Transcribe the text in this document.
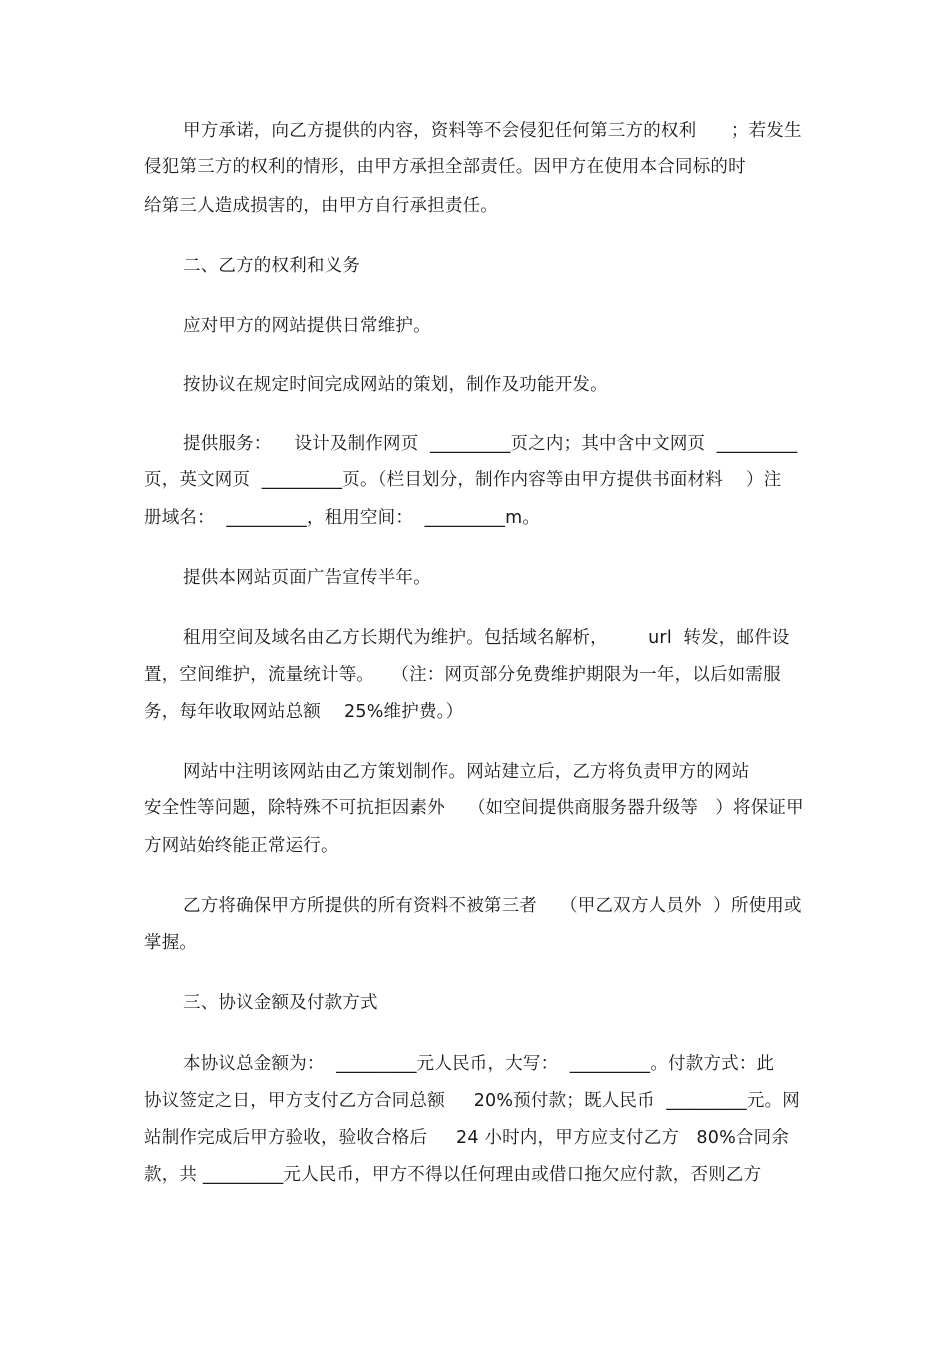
甲方承诺，向乙方提供的内容，资料等不会侵犯任何第三方的权利      ；若发生
侵犯第三方的权利的情形，由甲方承担全部责任。因甲方在使用本合同标的时
给第三人造成损害的，由甲方自行承担责任。
二、乙方的权利和义务
应对甲方的网站提供日常维护。
按协议在规定时间完成网站的策划，制作及功能开发。
提供服务：    设计及制作网页  _________页之内；其中含中文网页  _________
页，英文网页  _________页。（栏目划分，制作内容等由甲方提供书面材料    ）注
册域名：  _________，租用空间：  _________m。
提供本网站页面广告宣传半年。
租用空间及域名由乙方长期代为维护。包括域名解析，       url  转发，邮件设
置，空间维护，流量统计等。   （注：网页部分免费维护期限为一年，以后如需服
务，每年收取网站总额    25%维护费。）
网站中注明该网站由乙方策划制作。网站建立后，乙方将负责甲方的网站
安全性等问题，除特殊不可抗拒因素外    （如空间提供商服务器升级等   ）将保证甲
方网站始终能正常运行。
乙方将确保甲方所提供的所有资料不被第三者    （甲乙双方人员外  ）所使用或
掌握。
三、协议金额及付款方式
本协议总金额为：  _________元人民币，大写：  _________。付款方式：此
协议签定之日，甲方支付乙方合同总额     20%预付款；既人民币  _________元。网
站制作完成后甲方验收，验收合格后     24 小时内，甲方应支付乙方   80%合同余
款，共 _________元人民币，甲方不得以任何理由或借口拖欠应付款，否则乙方
